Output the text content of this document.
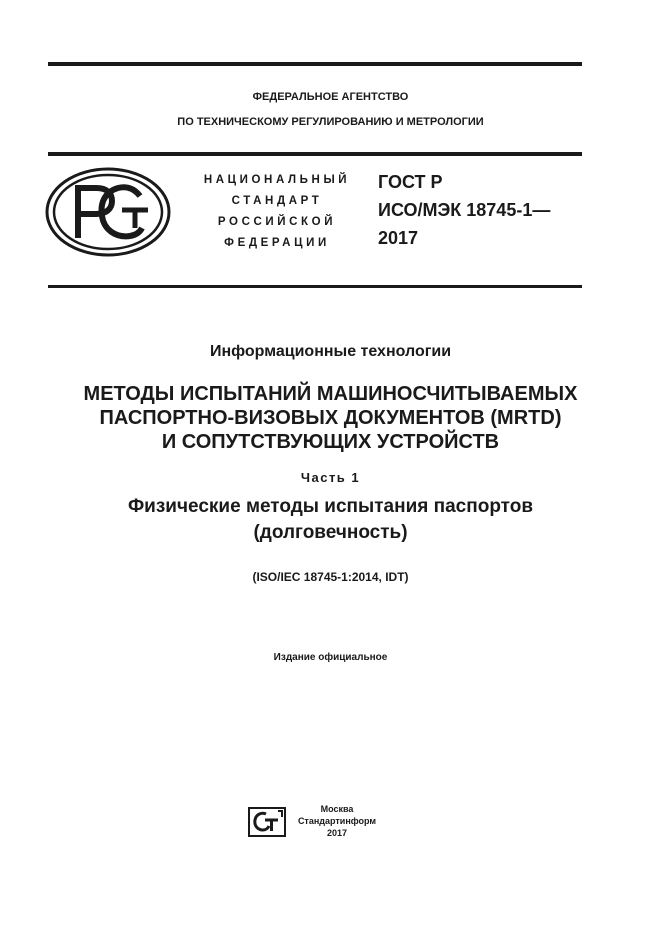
ФЕДЕРАЛЬНОЕ АГЕНТСТВО
ПО ТЕХНИЧЕСКОМУ РЕГУЛИРОВАНИЮ И МЕТРОЛОГИИ
НАЦИОНАЛЬНЫЙ
СТАНДАРТ
РОССИЙСКОЙ
ФЕДЕРАЦИИ
ГОСТ Р
ИСО/МЭК 18745-1—
2017
Информационные технологии
МЕТОДЫ ИСПЫТАНИЙ МАШИНОСЧИТЫВАЕМЫХ
ПАСПОРТНО-ВИЗОВЫХ ДОКУМЕНТОВ (MRTD)
И СОПУТСТВУЮЩИХ УСТРОЙСТВ
Часть 1
Физические методы испытания паспортов
(долговечность)
(ISO/IEC 18745-1:2014, IDT)
Издание официальное
Москва
Стандартинформ
2017
